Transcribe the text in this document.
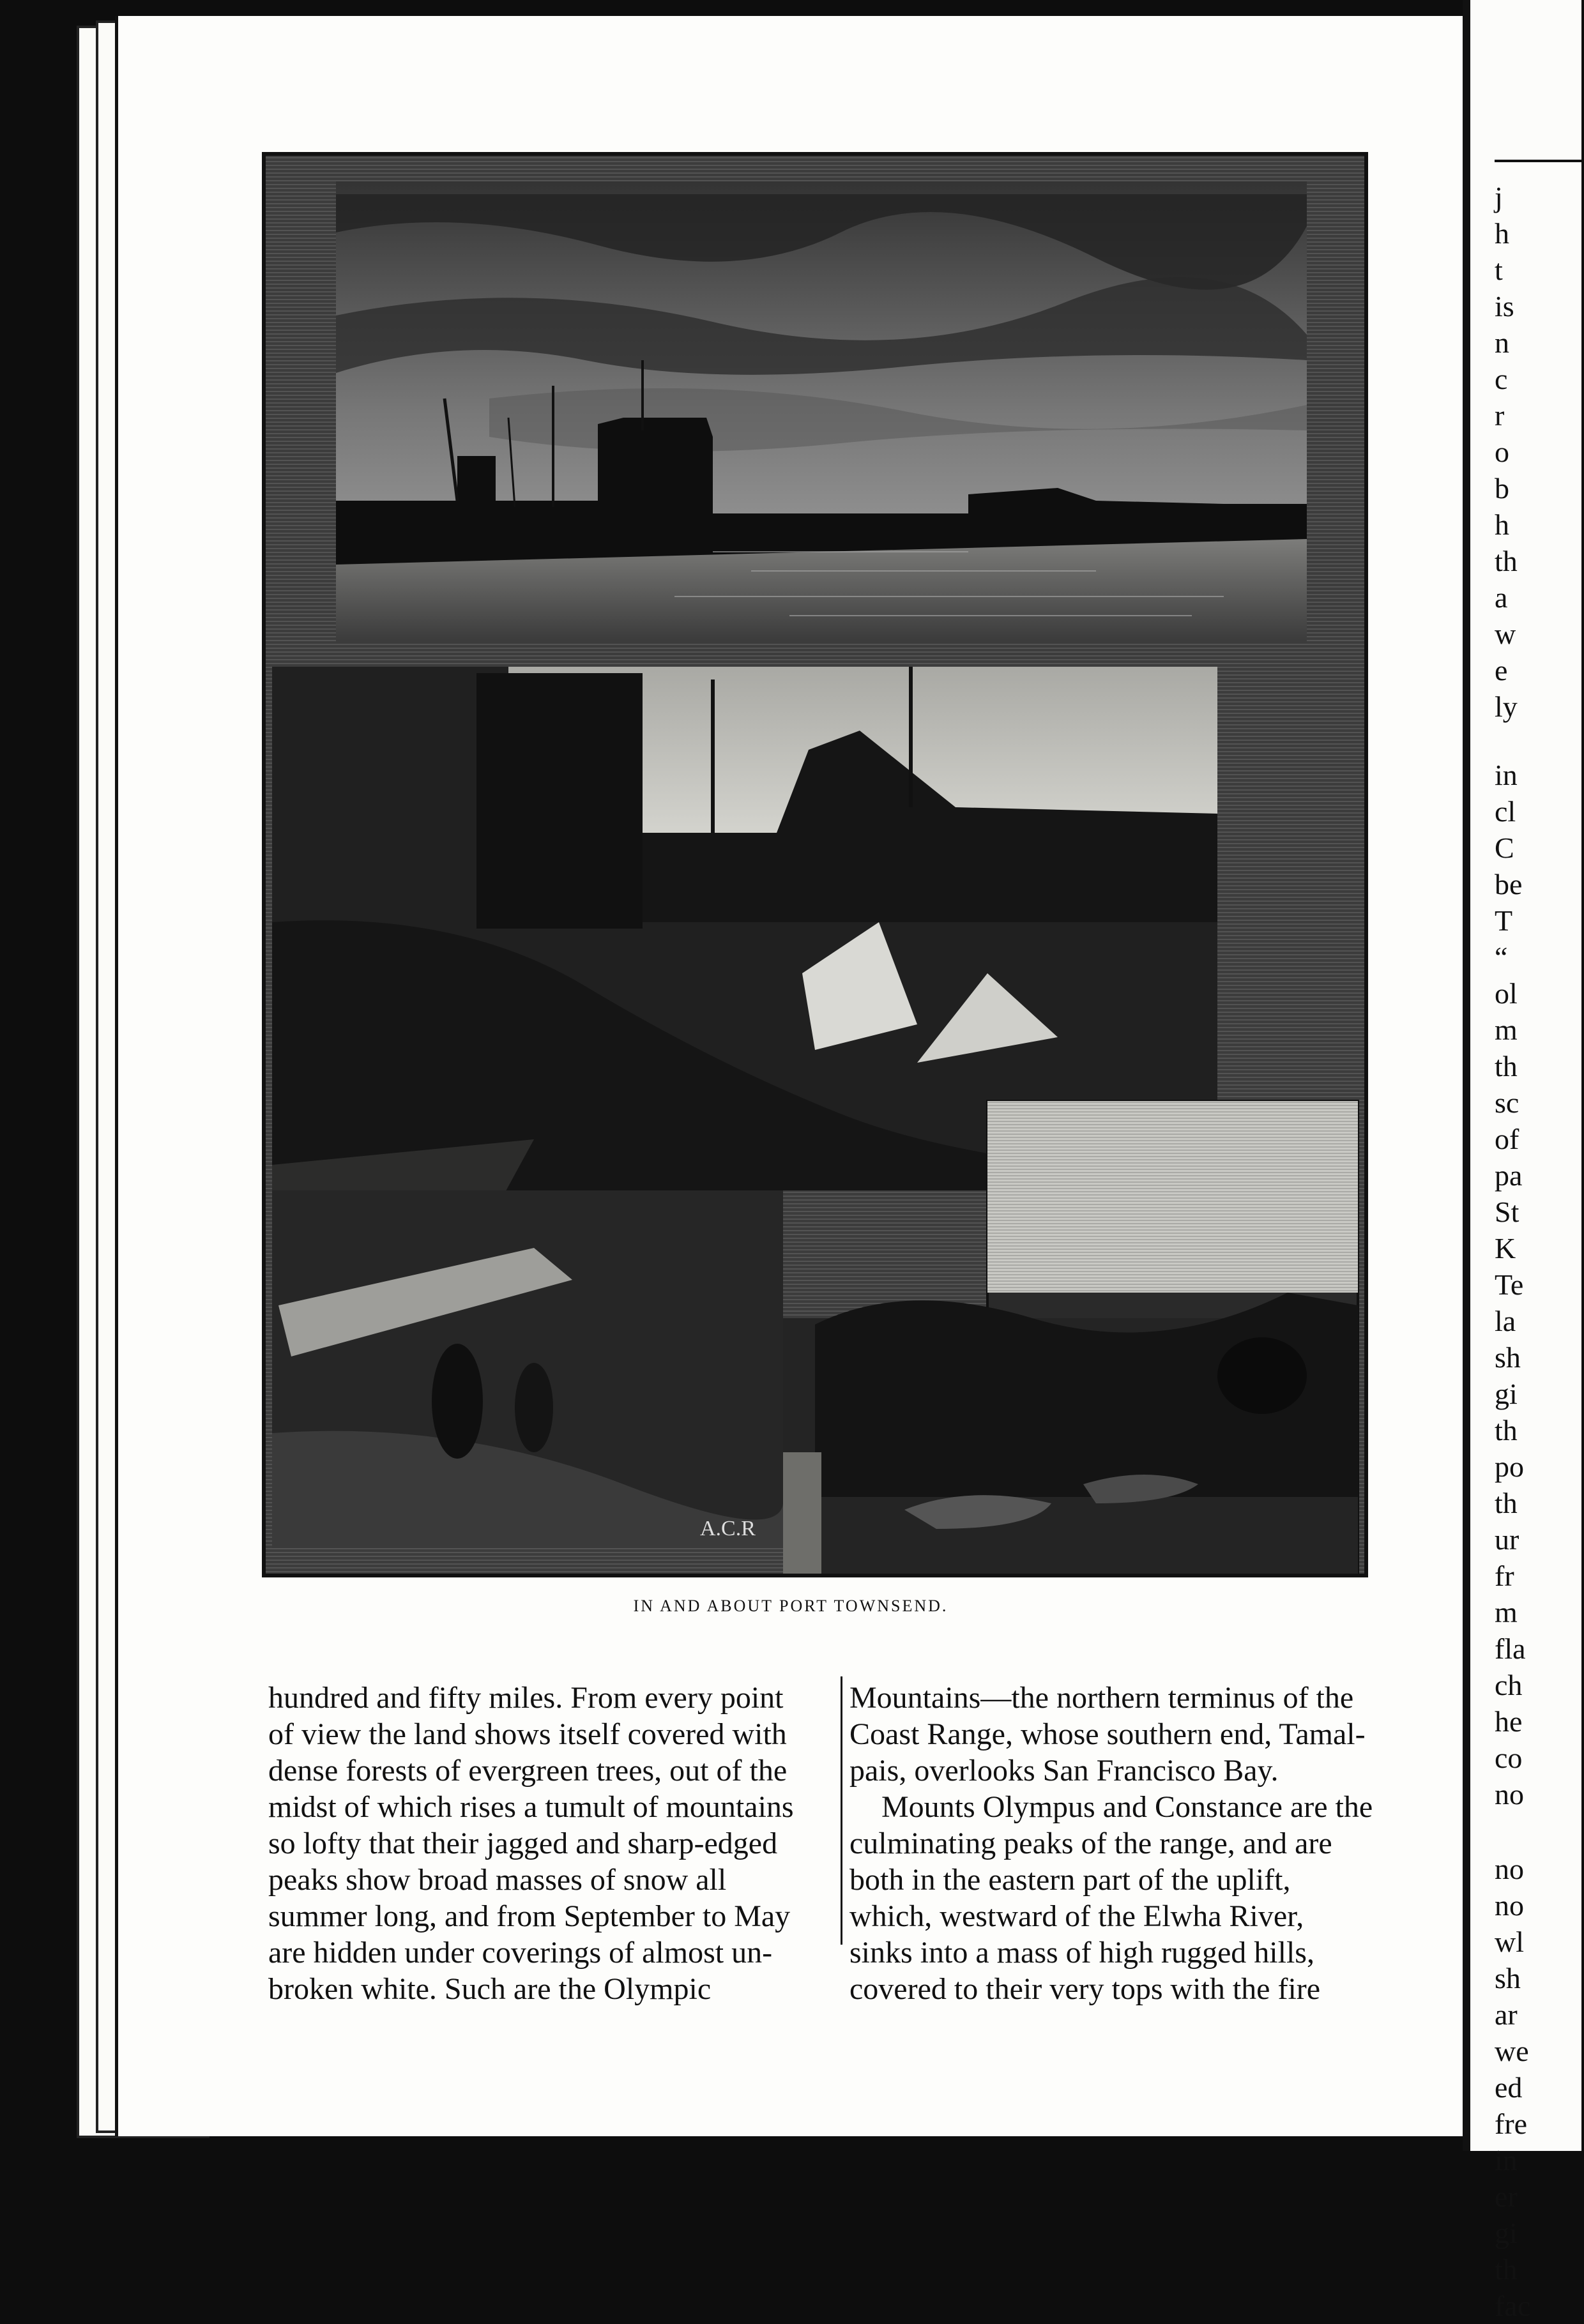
j
h
t
is
n
c
r
o
b
h
th
a
w
e
ly
in
cl
C
be
T
“
ol
m
th
sc
of
pa
St
K
Te
la
sh
gi
th
po
th
ur
fr
m
fla
ch
he
co
no
no
no
wl
sh
ar
we
ed
fre
in
er
gi
th
fac
A.C.R
IN AND ABOUT PORT TOWNSEND.

hundred and fifty miles. From every point

of view the land shows itself covered with

dense forests of evergreen trees, out of the

midst of which rises a tumult of mountains

so lofty that their jagged and sharp-edged

peaks show broad masses of snow all

summer long, and from September to May

are hidden under coverings of almost un-

broken white. Such are the Olympic

Mountains—the northern terminus of the

Coast Range, whose southern end, Tamal-

pais, overlooks San Francisco Bay.

Mounts Olympus and Constance are the

culminating peaks of the range, and are

both in the eastern part of the uplift,

which, westward of the Elwha River,

sinks into a mass of high rugged hills,

covered to their very tops with the fire
